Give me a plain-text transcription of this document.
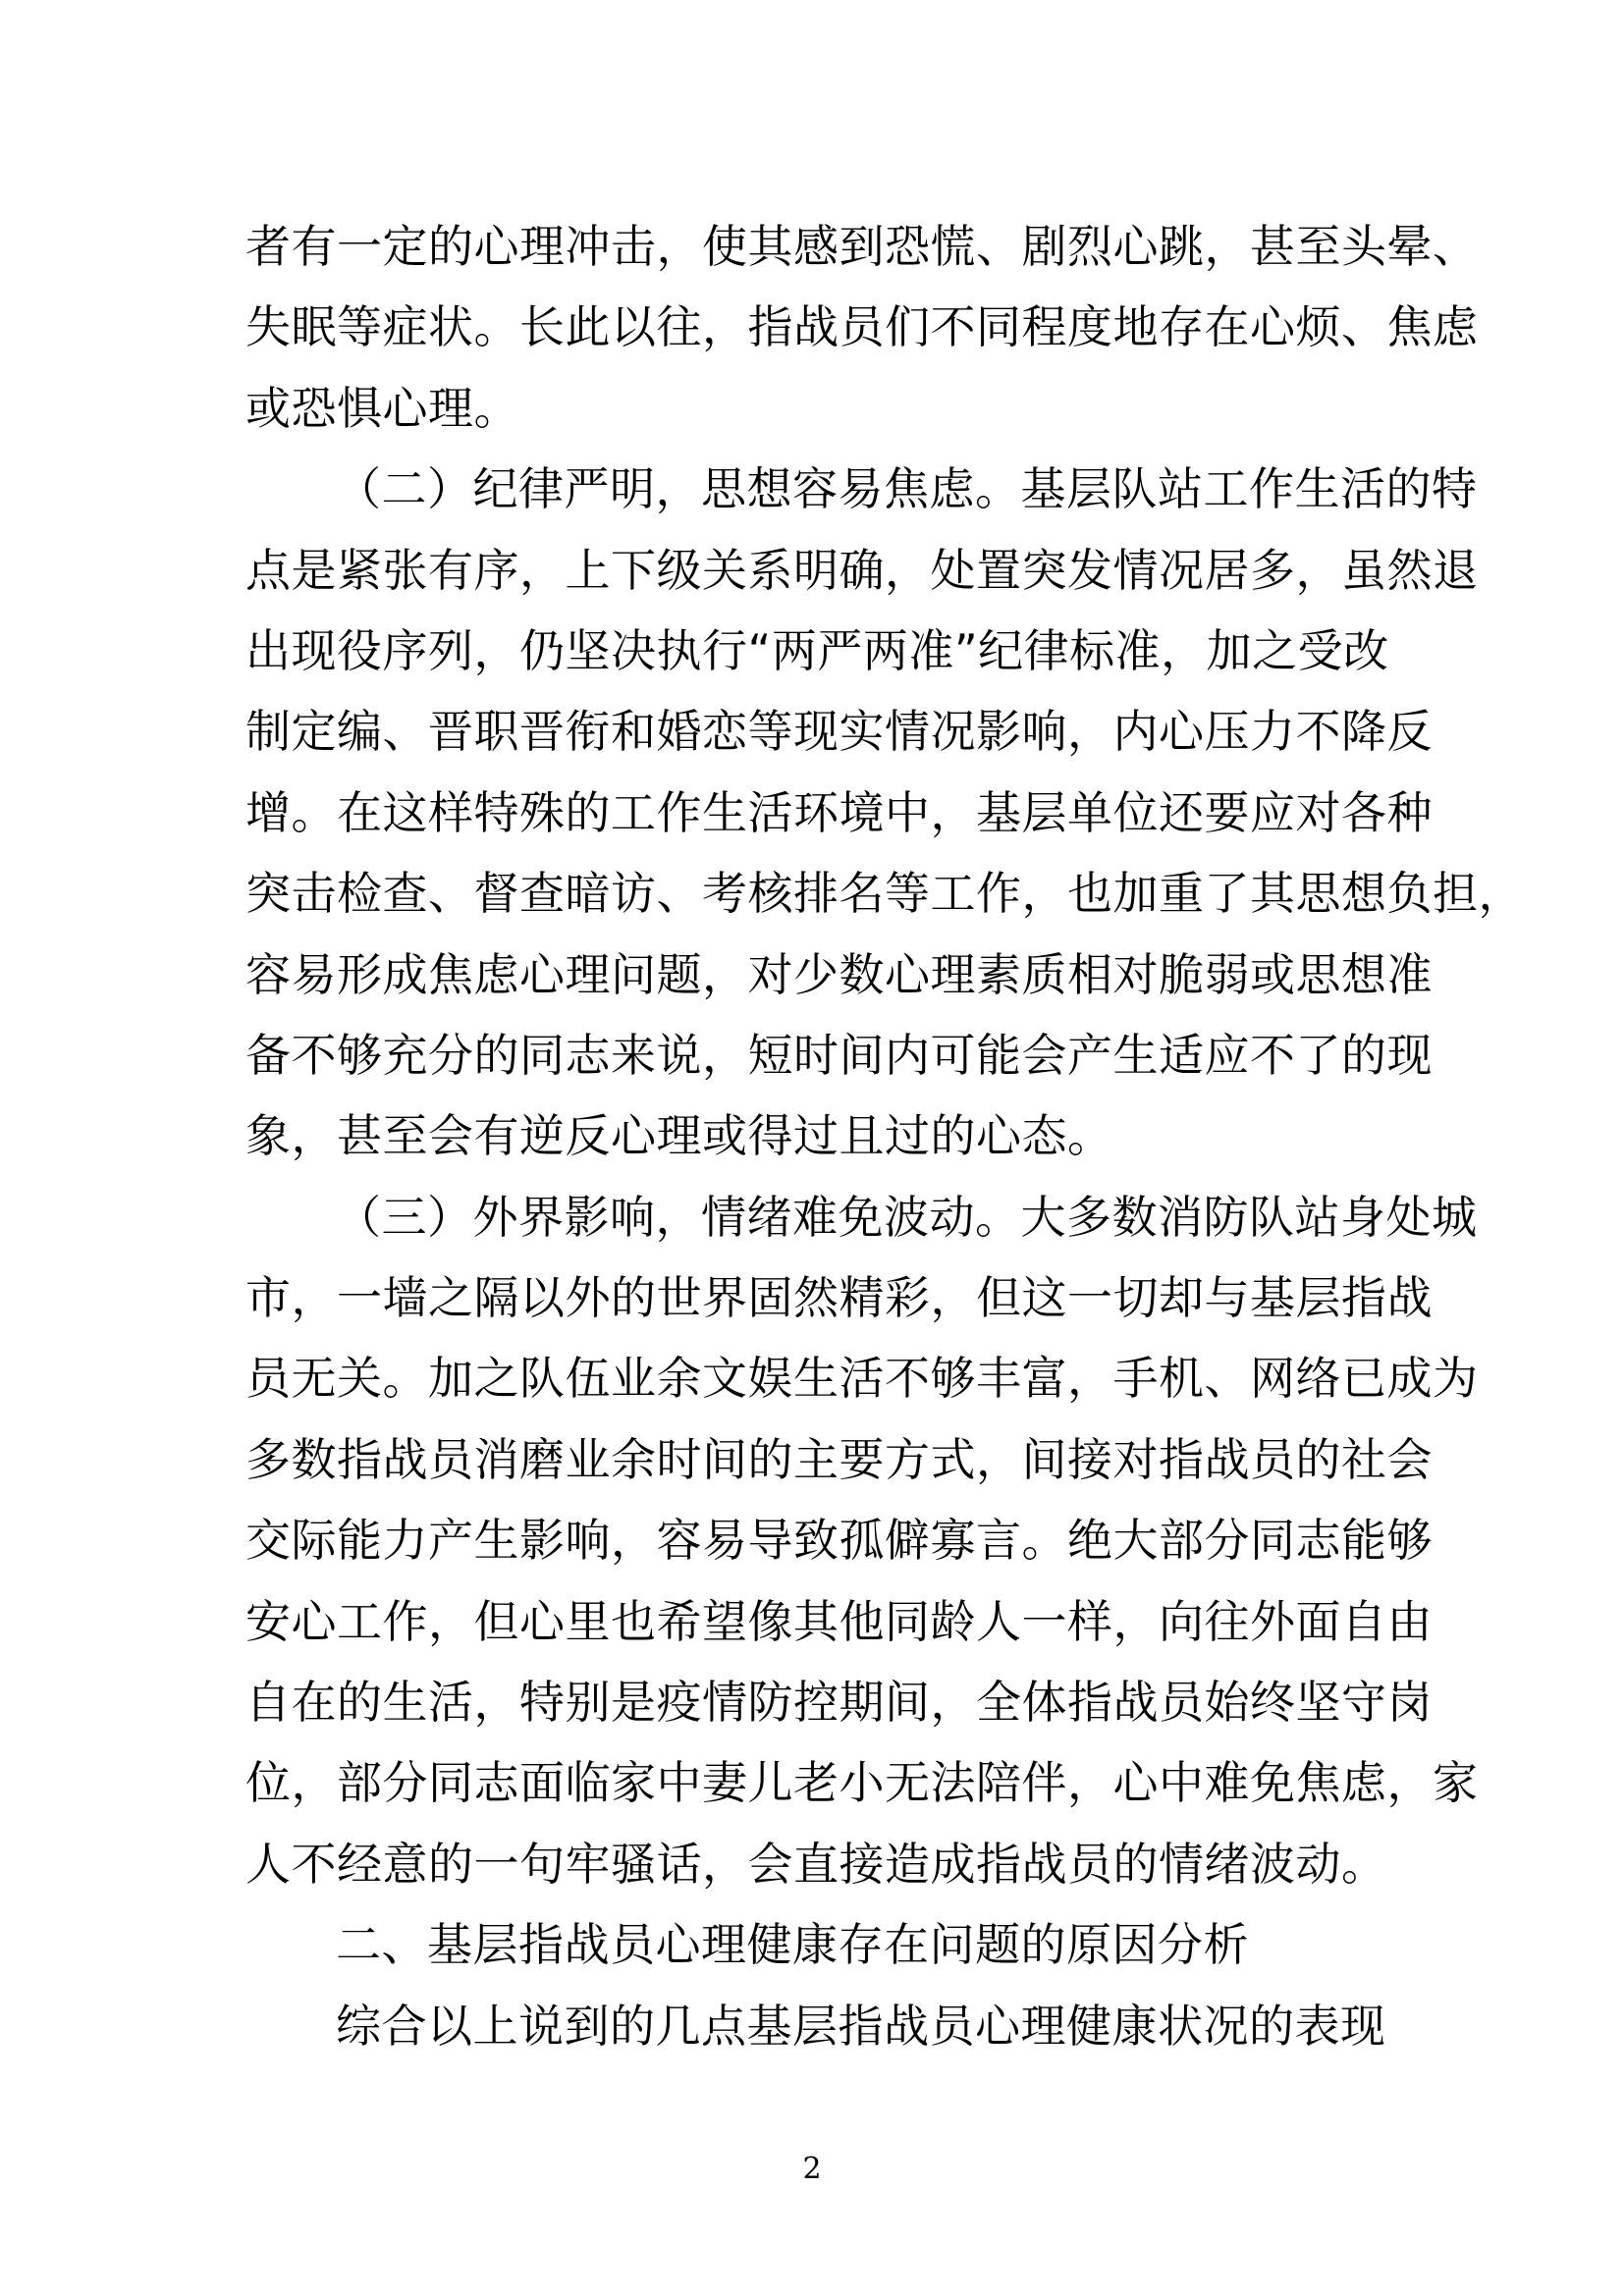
者有一定的心理冲击，使其感到恐慌、剧烈心跳，甚至头晕、
失眠等症状。长此以往，指战员们不同程度地存在心烦、焦虑
或恐惧心理。
（二）纪律严明，思想容易焦虑。基层队站工作生活的特
点是紧张有序，上下级关系明确，处置突发情况居多，虽然退
出现役序列，仍坚决执行“两严两准”纪律标准，加之受改
制定编、晋职晋衔和婚恋等现实情况影响，内心压力不降反
增。在这样特殊的工作生活环境中，基层单位还要应对各种
突击检查、督查暗访、考核排名等工作，也加重了其思想负担，
容易形成焦虑心理问题，对少数心理素质相对脆弱或思想准
备不够充分的同志来说，短时间内可能会产生适应不了的现
象，甚至会有逆反心理或得过且过的心态。
（三）外界影响，情绪难免波动。大多数消防队站身处城
市，一墙之隔以外的世界固然精彩，但这一切却与基层指战
员无关。加之队伍业余文娱生活不够丰富，手机、网络已成为
多数指战员消磨业余时间的主要方式，间接对指战员的社会
交际能力产生影响，容易导致孤僻寡言。绝大部分同志能够
安心工作，但心里也希望像其他同龄人一样，向往外面自由
自在的生活，特别是疫情防控期间，全体指战员始终坚守岗
位，部分同志面临家中妻儿老小无法陪伴，心中难免焦虑，家
人不经意的一句牢骚话，会直接造成指战员的情绪波动。
二、基层指战员心理健康存在问题的原因分析
综合以上说到的几点基层指战员心理健康状况的表现
2
